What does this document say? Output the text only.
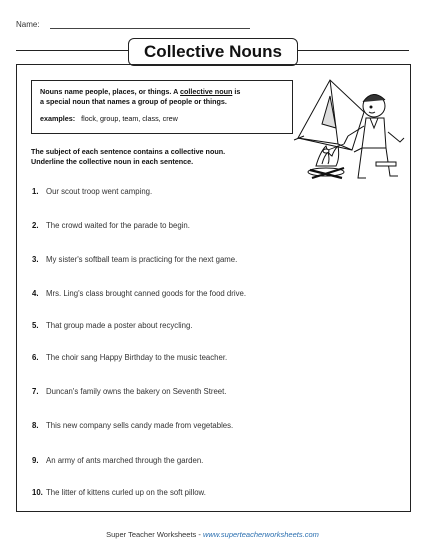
Name:
Collective Nouns
Nouns name people, places, or things. A collective noun is
a special noun that names a group of people or things.
examples: flock, group, team, class, crew
The subject of each sentence contains a collective noun.
Underline the collective noun in each sentence.
1. Our scout troop went camping.
2. The crowd waited for the parade to begin.
3. My sister's softball team is practicing for the next game.
4. Mrs. Ling's class brought canned goods for the food drive.
5. That group made a poster about recycling.
6. The choir sang Happy Birthday to the music teacher.
7. Duncan's family owns the bakery on Seventh Street.
8. This new company sells candy made from vegetables.
9. An army of ants marched through the garden.
10. The litter of kittens curled up on the soft pillow.
Super Teacher Worksheets - www.superteacherworksheets.com
